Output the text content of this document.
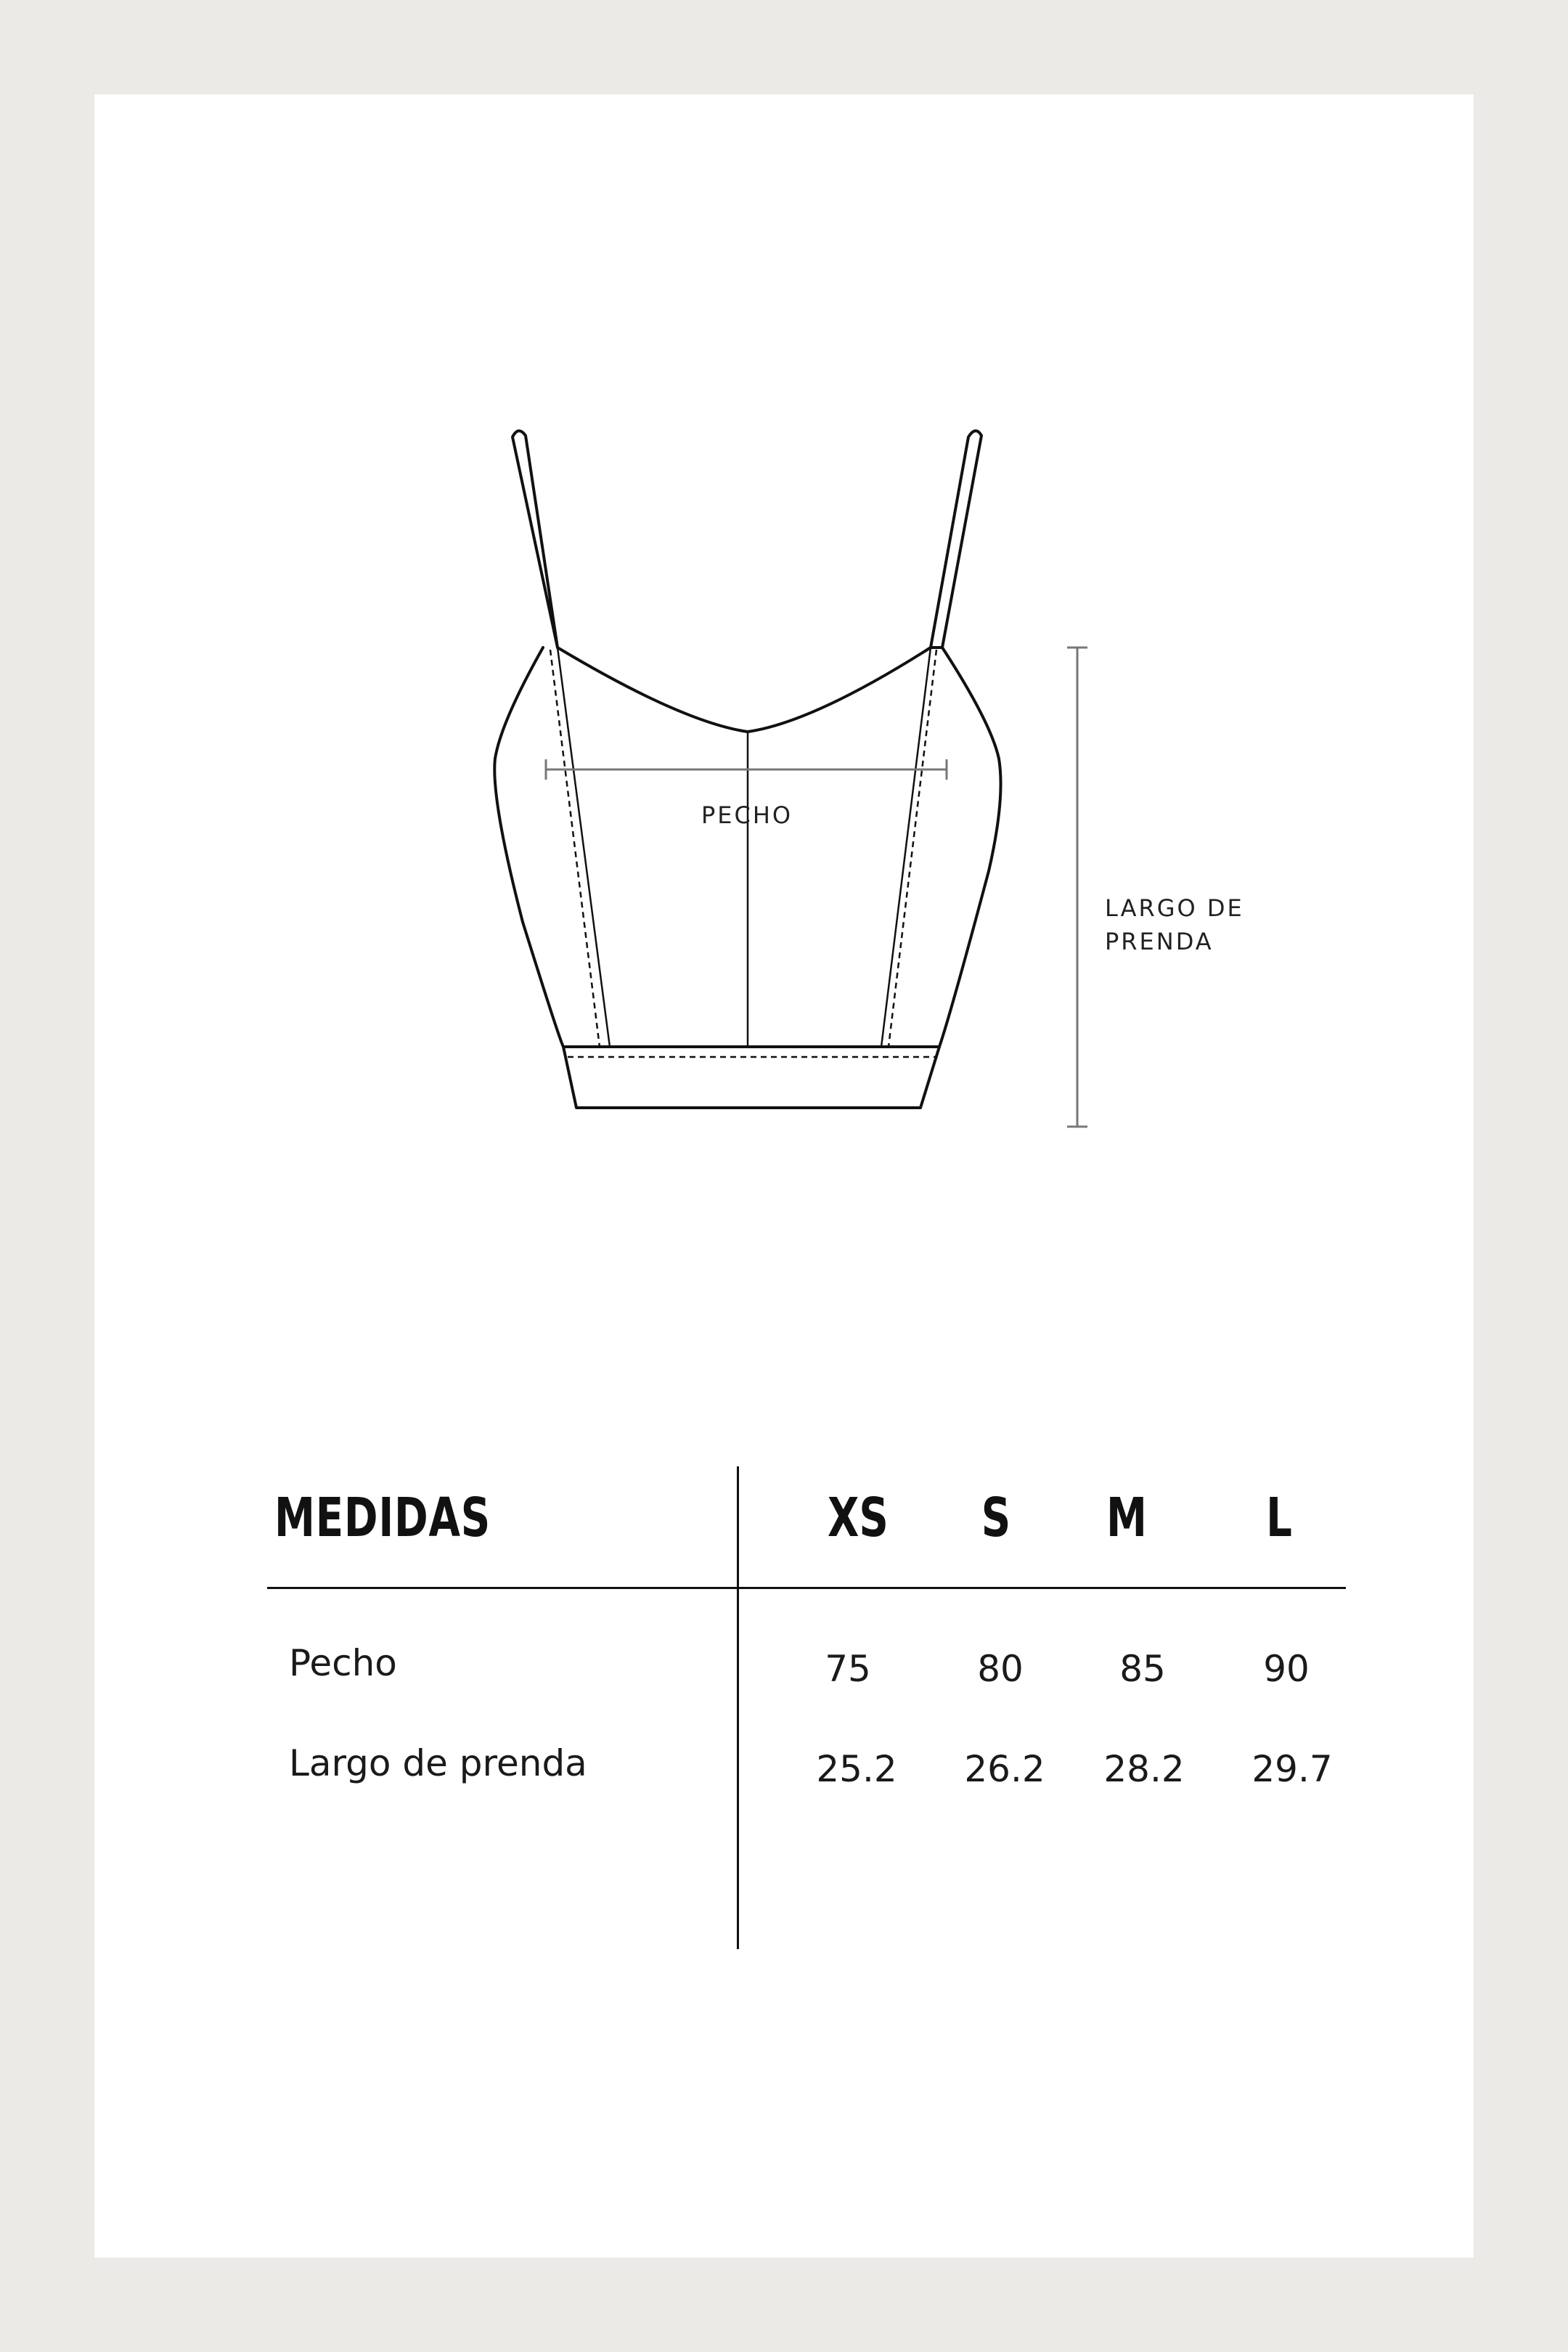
PECHO
LARGO DE PRENDA
MEDIDAS	XS	S	M	L
Pecho	75	80	85	90
Largo de prenda	25.2	26.2	28.2	29.7
